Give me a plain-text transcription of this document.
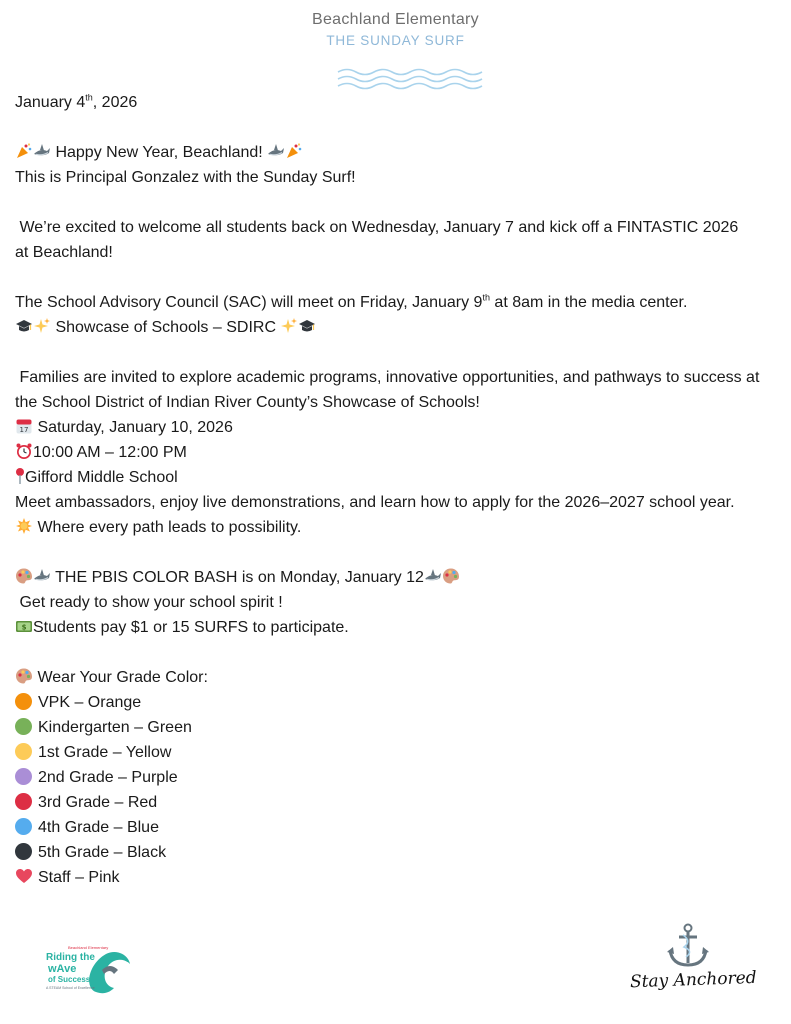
Beachland Elementary
THE SUNDAY SURF
January 4th, 2026
Happy New Year, Beachland!
This is Principal Gonzalez with the Sunday Surf!
We’re excited to welcome all students back on Wednesday, January 7 and kick off a FINTASTIC 2026 at Beachland!
The School Advisory Council (SAC) will meet on Friday, January 9th at 8am in the media center.
Showcase of Schools – SDIRC
Families are invited to explore academic programs, innovative opportunities, and pathways to success at the School District of Indian River County’s Showcase of Schools!
17 Saturday, January 10, 2026
10:00 AM – 12:00 PM
Gifford Middle School
Meet ambassadors, enjoy live demonstrations, and learn how to apply for the 2026–2027 school year.
Where every path leads to possibility.
THE PBIS COLOR BASH is on Monday, January 12
Get ready to show your school spirit !
$ Students pay $1 or 15 SURFS to participate.
Wear Your Grade Color:
VPK – Orange
Kindergarten – Green
1st Grade – Yellow
2nd Grade – Purple
3rd Grade – Red
4th Grade – Blue
5th Grade – Black
Staff – Pink
Beachland Elementary
Riding the
wAve
of Success
A STEAM School of Excellence	Stay Anchored
